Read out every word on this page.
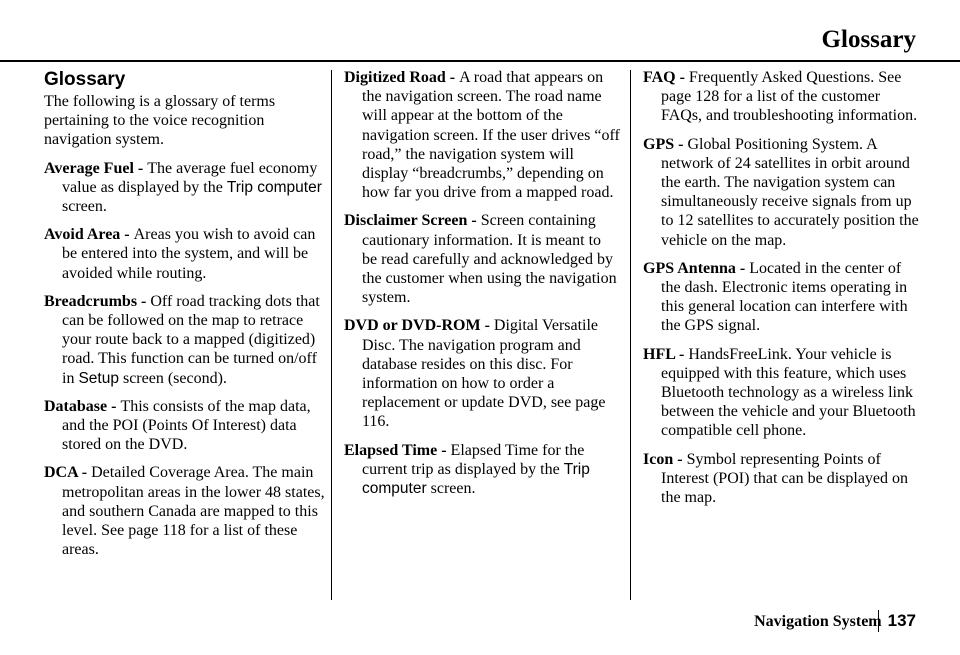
Glossary
Glossary

The following is a glossary of terms pertaining to the voice recognition navigation system.

Average Fuel - The average fuel economy value as displayed by the Trip computer screen.

Avoid Area - Areas you wish to avoid can be entered into the system, and will be avoided while routing.

Breadcrumbs - Off road tracking dots that can be followed on the map to retrace your route back to a mapped (digitized) road. This function can be turned on/off in Setup screen (second).

Database - This consists of the map data, and the POI (Points Of Interest) data stored on the DVD.

DCA - Detailed Coverage Area. The main metropolitan areas in the lower 48 states, and southern Canada are mapped to this level. See page 118 for a list of these areas.

Digitized Road - A road that appears on the navigation screen. The road name will appear at the bottom of the navigation screen. If the user drives “off road,” the navigation system will display “breadcrumbs,” depending on how far you drive from a mapped road.

Disclaimer Screen - Screen containing cautionary information. It is meant to be read carefully and acknowledged by the customer when using the navigation system.

DVD or DVD-ROM - Digital Versatile Disc. The navigation program and database resides on this disc. For information on how to order a replacement or update DVD, see page 116.

Elapsed Time - Elapsed Time for the current trip as displayed by the Trip computer screen.

FAQ - Frequently Asked Questions. See page 128 for a list of the customer FAQs, and troubleshooting information.

GPS - Global Positioning System. A network of 24 satellites in orbit around the earth. The navigation system can simultaneously receive signals from up to 12 satellites to accurately position the vehicle on the map.

GPS Antenna - Located in the center of the dash. Electronic items operating in this general location can interfere with the GPS signal.

HFL - HandsFreeLink. Your vehicle is equipped with this feature, which uses Bluetooth technology as a wireless link between the vehicle and your Bluetooth compatible cell phone.

Icon - Symbol representing Points of Interest (POI) that can be displayed on the map.

Navigation System 137
